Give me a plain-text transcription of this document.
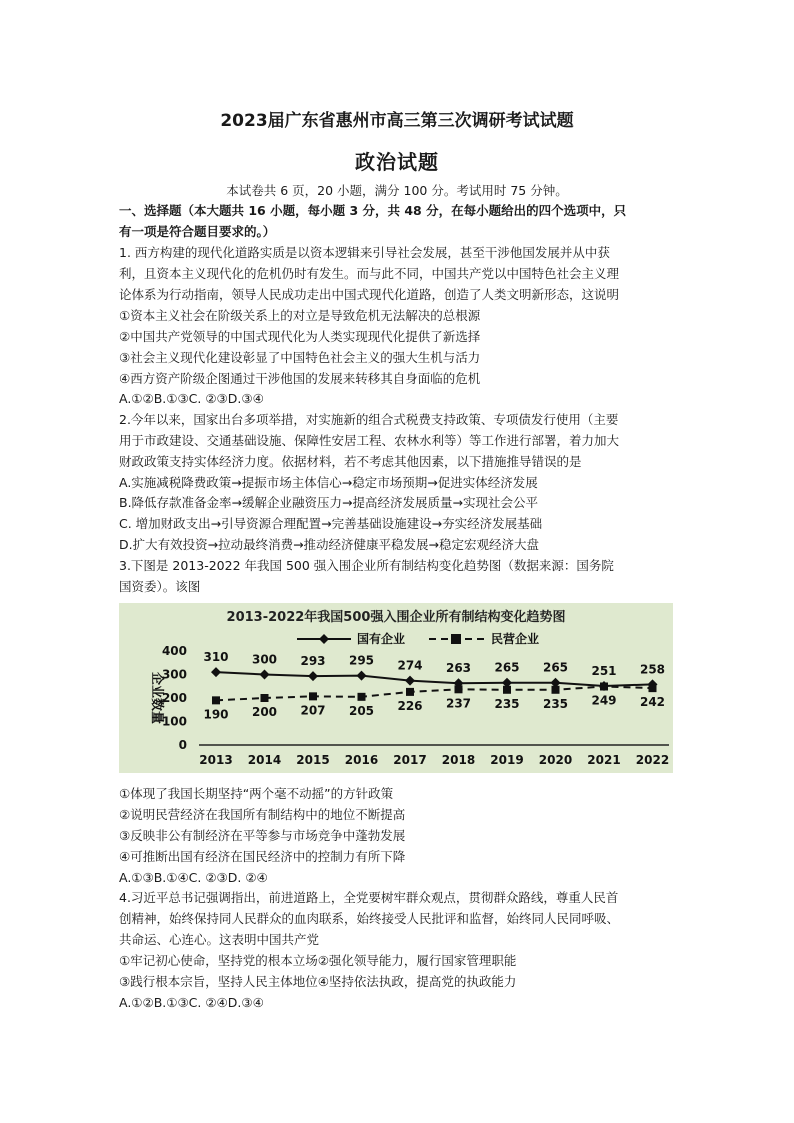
2023届广东省惠州市高三第三次调研考试试题
政治试题
本试卷共 6 页，20 小题，满分 100 分。考试用时 75 分钟。
一、选择题（本大题共 16 小题，每小题 3 分，共 48 分，在每小题给出的四个选项中，只
有一项是符合题目要求的。）
1. 西方构建的现代化道路实质是以资本逻辑来引导社会发展，甚至干涉他国发展并从中获
利，且资本主义现代化的危机仍时有发生。而与此不同，中国共产党以中国特色社会主义理
论体系为行动指南，领导人民成功走出中国式现代化道路，创造了人类文明新形态，这说明
①资本主义社会在阶级关系上的对立是导致危机无法解决的总根源
②中国共产党领导的中国式现代化为人类实现现代化提供了新选择
③社会主义现代化建设彰显了中国特色社会主义的强大生机与活力
④西方资产阶级企图通过干涉他国的发展来转移其自身面临的危机
A.①②B.①③C. ②③D.③④
2.今年以来，国家出台多项举措，对实施新的组合式税费支持政策、专项债发行使用（主要
用于市政建设、交通基础设施、保障性安居工程、农林水利等）等工作进行部署，着力加大
财政政策支持实体经济力度。依据材料，若不考虑其他因素，以下措施推导错误的是
A.实施减税降费政策→提振市场主体信心→稳定市场预期→促进实体经济发展
B.降低存款准备金率→缓解企业融资压力→提高经济发展质量→实现社会公平
C. 增加财政支出→引导资源合理配置→完善基础设施建设→夯实经济发展基础
D.扩大有效投资→拉动最终消费→推动经济健康平稳发展→稳定宏观经济大盘
3.下图是 2013-2022 年我国 500 强入围企业所有制结构变化趋势图（数据来源：国务院
国资委）。该图
2013-2022年我国500强入围企业所有制结构变化趋势图
国有企业	民营企业
企业数量
0
100
200
300
400
2013 2014 2015 2016 2017 2018 2019 2020 2021 2022
310 300 293 295 274 263 265 265 251 258
190 200 207 205 226 237 235 235 249 242
①体现了我国长期坚持“两个毫不动摇”的方针政策
②说明民营经济在我国所有制结构中的地位不断提高
③反映非公有制经济在平等参与市场竞争中蓬勃发展
④可推断出国有经济在国民经济中的控制力有所下降
A.①③B.①④C. ②③D. ②④
4.习近平总书记强调指出，前进道路上，全党要树牢群众观点，贯彻群众路线，尊重人民首
创精神，始终保持同人民群众的血肉联系，始终接受人民批评和监督，始终同人民同呼吸、
共命运、心连心。这表明中国共产党
①牢记初心使命，坚持党的根本立场②强化领导能力，履行国家管理职能
③践行根本宗旨，坚持人民主体地位④坚持依法执政，提高党的执政能力
A.①②B.①③C. ②④D.③④
